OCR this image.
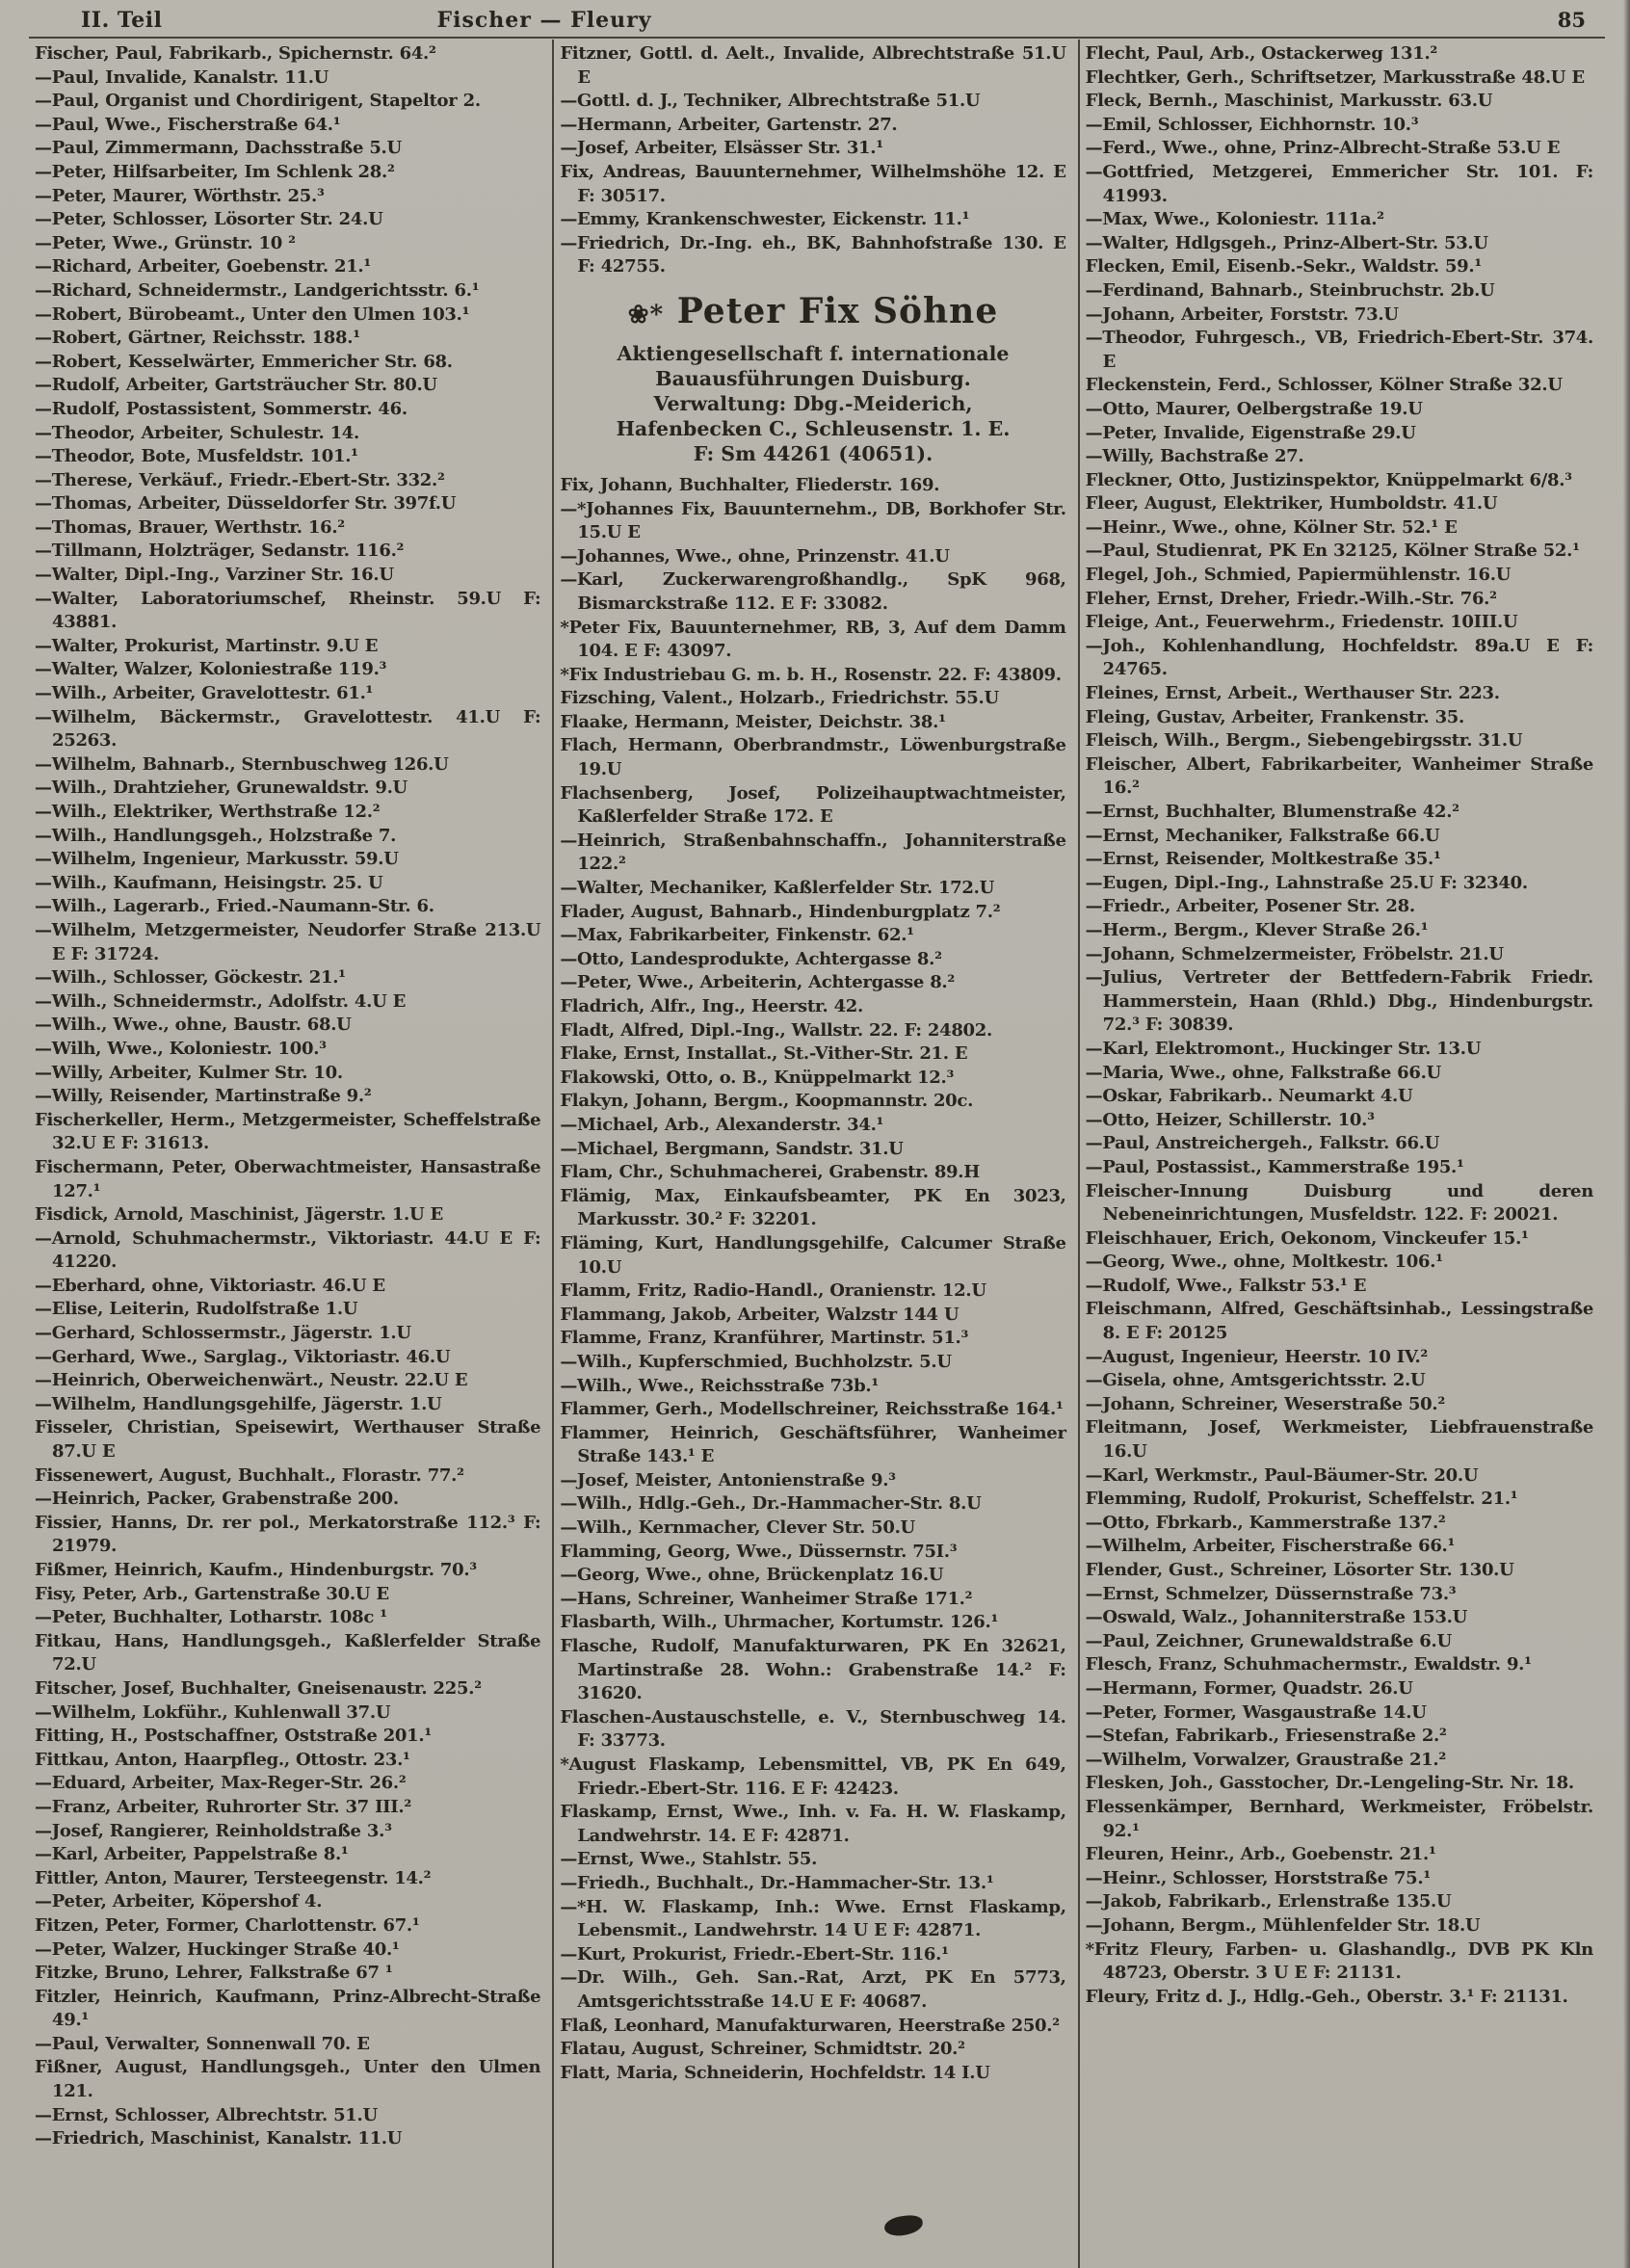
II. Teil	Fischer — Fleury	85
Fischer, Paul, Fabrikarb., Spichernstr. 64.²
—Paul, Invalide, Kanalstr. 11.U
—Paul, Organist und Chordirigent, Stapeltor 2.
—Paul, Wwe., Fischerstraße 64.¹
—Paul, Zimmermann, Dachsstraße 5.U
—Peter, Hilfsarbeiter, Im Schlenk 28.²
—Peter, Maurer, Wörthstr. 25.³
—Peter, Schlosser, Lösorter Str. 24.U
—Peter, Wwe., Grünstr. 10 ²
—Richard, Arbeiter, Goebenstr. 21.¹
—Richard, Schneidermstr., Landgerichtsstr. 6.¹
—Robert, Bürobeamt., Unter den Ulmen 103.¹
—Robert, Gärtner, Reichsstr. 188.¹
—Robert, Kesselwärter, Emmericher Str. 68.
—Rudolf, Arbeiter, Gartsträucher Str. 80.U
—Rudolf, Postassistent, Sommerstr. 46.
—Theodor, Arbeiter, Schulestr. 14.
—Theodor, Bote, Musfeldstr. 101.¹
—Therese, Verkäuf., Friedr.-Ebert-Str. 332.²
—Thomas, Arbeiter, Düsseldorfer Str. 397f.U
—Thomas, Brauer, Werthstr. 16.²
—Tillmann, Holzträger, Sedanstr. 116.²
—Walter, Dipl.-Ing., Varziner Str. 16.U
—Walter, Laboratoriumschef, Rheinstr. 59.U F: 43881.
—Walter, Prokurist, Martinstr. 9.U E
—Walter, Walzer, Koloniestraße 119.³
—Wilh., Arbeiter, Gravelottestr. 61.¹
—Wilhelm, Bäckermstr., Gravelottestr. 41.U F: 25263.
—Wilhelm, Bahnarb., Sternbuschweg 126.U
—Wilh., Drahtzieher, Grunewaldstr. 9.U
—Wilh., Elektriker, Werthstraße 12.²
—Wilh., Handlungsgeh., Holzstraße 7.
—Wilhelm, Ingenieur, Markusstr. 59.U
—Wilh., Kaufmann, Heisingstr. 25. U
—Wilh., Lagerarb., Fried.-Naumann-Str. 6.
—Wilhelm, Metzgermeister, Neudorfer Straße 213.U E F: 31724.
—Wilh., Schlosser, Göckestr. 21.¹
—Wilh., Schneidermstr., Adolfstr. 4.U E
—Wilh., Wwe., ohne, Baustr. 68.U
—Wilh, Wwe., Koloniestr. 100.³
—Willy, Arbeiter, Kulmer Str. 10.
—Willy, Reisender, Martinstraße 9.²
Fischerkeller, Herm., Metzgermeister, Scheffelstraße 32.U E F: 31613.
Fischermann, Peter, Oberwachtmeister, Hansastraße 127.¹
Fisdick, Arnold, Maschinist, Jägerstr. 1.U E
—Arnold, Schuhmachermstr., Viktoriastr. 44.U E F: 41220.
—Eberhard, ohne, Viktoriastr. 46.U E
—Elise, Leiterin, Rudolfstraße 1.U
—Gerhard, Schlossermstr., Jägerstr. 1.U
—Gerhard, Wwe., Sarglag., Viktoriastr. 46.U
—Heinrich, Oberweichenwärt., Neustr. 22.U E
—Wilhelm, Handlungsgehilfe, Jägerstr. 1.U
Fisseler, Christian, Speisewirt, Werthauser Straße 87.U E
Fissenewert, August, Buchhalt., Florastr. 77.²
—Heinrich, Packer, Grabenstraße 200.
Fissier, Hanns, Dr. rer pol., Merkatorstraße 112.³ F: 21979.
Fißmer, Heinrich, Kaufm., Hindenburgstr. 70.³
Fisy, Peter, Arb., Gartenstraße 30.U E
—Peter, Buchhalter, Lotharstr. 108c ¹
Fitkau, Hans, Handlungsgeh., Kaßlerfelder Straße 72.U
Fitscher, Josef, Buchhalter, Gneisenaustr. 225.²
—Wilhelm, Lokführ., Kuhlenwall 37.U
Fitting, H., Postschaffner, Oststraße 201.¹
Fittkau, Anton, Haarpfleg., Ottostr. 23.¹
—Eduard, Arbeiter, Max-Reger-Str. 26.²
—Franz, Arbeiter, Ruhrorter Str. 37 III.²
—Josef, Rangierer, Reinholdstraße 3.³
—Karl, Arbeiter, Pappelstraße 8.¹
Fittler, Anton, Maurer, Tersteegenstr. 14.²
—Peter, Arbeiter, Köpershof 4.
Fitzen, Peter, Former, Charlottenstr. 67.¹
—Peter, Walzer, Huckinger Straße 40.¹
Fitzke, Bruno, Lehrer, Falkstraße 67 ¹
Fitzler, Heinrich, Kaufmann, Prinz-Albrecht-Straße 49.¹
—Paul, Verwalter, Sonnenwall 70. E
Fißner, August, Handlungsgeh., Unter den Ulmen 121.
—Ernst, Schlosser, Albrechtstr. 51.U
—Friedrich, Maschinist, Kanalstr. 11.U
Fitzner, Gottl. d. Aelt., Invalide, Albrechtstraße 51.U E
—Gottl. d. J., Techniker, Albrechtstraße 51.U
—Hermann, Arbeiter, Gartenstr. 27.
—Josef, Arbeiter, Elsässer Str. 31.¹
Fix, Andreas, Bauunternehmer, Wilhelmshöhe 12. E F: 30517.
—Emmy, Krankenschwester, Eickenstr. 11.¹
—Friedrich, Dr.-Ing. eh., BK, Bahnhofstraße 130. E F: 42755.
❀* Peter Fix Söhne
Aktiengesellschaft f. internationale
Bauausführungen Duisburg.
Verwaltung: Dbg.-Meiderich,
Hafenbecken C., Schleusenstr. 1. E.
F: Sm 44261 (40651).
Fix, Johann, Buchhalter, Fliederstr. 169.
—*Johannes Fix, Bauunternehm., DB, Borkhofer Str. 15.U E
—Johannes, Wwe., ohne, Prinzenstr. 41.U
—Karl, Zuckerwarengroßhandlg., SpK 968, Bismarckstraße 112. E F: 33082.
*Peter Fix, Bauunternehmer, RB, 3, Auf dem Damm 104. E F: 43097.
*Fix Industriebau G. m. b. H., Rosenstr. 22. F: 43809.
Fizsching, Valent., Holzarb., Friedrichstr. 55.U
Flaake, Hermann, Meister, Deichstr. 38.¹
Flach, Hermann, Oberbrandmstr., Löwenburgstraße 19.U
Flachsenberg, Josef, Polizeihauptwachtmeister, Kaßlerfelder Straße 172. E
—Heinrich, Straßenbahnschaffn., Johanniterstraße 122.²
—Walter, Mechaniker, Kaßlerfelder Str. 172.U
Flader, August, Bahnarb., Hindenburgplatz 7.²
—Max, Fabrikarbeiter, Finkenstr. 62.¹
—Otto, Landesprodukte, Achtergasse 8.²
—Peter, Wwe., Arbeiterin, Achtergasse 8.²
Fladrich, Alfr., Ing., Heerstr. 42.
Fladt, Alfred, Dipl.-Ing., Wallstr. 22. F: 24802.
Flake, Ernst, Installat., St.-Vither-Str. 21. E
Flakowski, Otto, o. B., Knüppelmarkt 12.³
Flakyn, Johann, Bergm., Koopmannstr. 20c.
—Michael, Arb., Alexanderstr. 34.¹
—Michael, Bergmann, Sandstr. 31.U
Flam, Chr., Schuhmacherei, Grabenstr. 89.H
Flämig, Max, Einkaufsbeamter, PK En 3023, Markusstr. 30.² F: 32201.
Fläming, Kurt, Handlungsgehilfe, Calcumer Straße 10.U
Flamm, Fritz, Radio-Handl., Oranienstr. 12.U
Flammang, Jakob, Arbeiter, Walzstr 144 U
Flamme, Franz, Kranführer, Martinstr. 51.³
—Wilh., Kupferschmied, Buchholzstr. 5.U
—Wilh., Wwe., Reichsstraße 73b.¹
Flammer, Gerh., Modellschreiner, Reichsstraße 164.¹
Flammer, Heinrich, Geschäftsführer, Wanheimer Straße 143.¹ E
—Josef, Meister, Antonienstraße 9.³
—Wilh., Hdlg.-Geh., Dr.-Hammacher-Str. 8.U
—Wilh., Kernmacher, Clever Str. 50.U
Flamming, Georg, Wwe., Düssernstr. 75I.³
—Georg, Wwe., ohne, Brückenplatz 16.U
—Hans, Schreiner, Wanheimer Straße 171.²
Flasbarth, Wilh., Uhrmacher, Kortumstr. 126.¹
Flasche, Rudolf, Manufakturwaren, PK En 32621, Martinstraße 28. Wohn.: Grabenstraße 14.² F: 31620.
Flaschen-Austauschstelle, e. V., Sternbuschweg 14. F: 33773.
*August Flaskamp, Lebensmittel, VB, PK En 649, Friedr.-Ebert-Str. 116. E F: 42423.
Flaskamp, Ernst, Wwe., Inh. v. Fa. H. W. Flaskamp, Landwehrstr. 14. E F: 42871.
—Ernst, Wwe., Stahlstr. 55.
—Friedh., Buchhalt., Dr.-Hammacher-Str. 13.¹
—*H. W. Flaskamp, Inh.: Wwe. Ernst Flaskamp, Lebensmit., Landwehrstr. 14 U E F: 42871.
—Kurt, Prokurist, Friedr.-Ebert-Str. 116.¹
—Dr. Wilh., Geh. San.-Rat, Arzt, PK En 5773, Amtsgerichtsstraße 14.U E F: 40687.
Flaß, Leonhard, Manufakturwaren, Heerstraße 250.²
Flatau, August, Schreiner, Schmidtstr. 20.²
Flatt, Maria, Schneiderin, Hochfeldstr. 14 I.U
Flecht, Paul, Arb., Ostackerweg 131.²
Flechtker, Gerh., Schriftsetzer, Markusstraße 48.U E
Fleck, Bernh., Maschinist, Markusstr. 63.U
—Emil, Schlosser, Eichhornstr. 10.³
—Ferd., Wwe., ohne, Prinz-Albrecht-Straße 53.U E
—Gottfried, Metzgerei, Emmericher Str. 101. F: 41993.
—Max, Wwe., Koloniestr. 111a.²
—Walter, Hdlgsgeh., Prinz-Albert-Str. 53.U
Flecken, Emil, Eisenb.-Sekr., Waldstr. 59.¹
—Ferdinand, Bahnarb., Steinbruchstr. 2b.U
—Johann, Arbeiter, Forststr. 73.U
—Theodor, Fuhrgesch., VB, Friedrich-Ebert-Str. 374. E
Fleckenstein, Ferd., Schlosser, Kölner Straße 32.U
—Otto, Maurer, Oelbergstraße 19.U
—Peter, Invalide, Eigenstraße 29.U
—Willy, Bachstraße 27.
Fleckner, Otto, Justizinspektor, Knüppelmarkt 6/8.³
Fleer, August, Elektriker, Humboldstr. 41.U
—Heinr., Wwe., ohne, Kölner Str. 52.¹ E
—Paul, Studienrat, PK En 32125, Kölner Straße 52.¹
Flegel, Joh., Schmied, Papiermühlenstr. 16.U
Fleher, Ernst, Dreher, Friedr.-Wilh.-Str. 76.²
Fleige, Ant., Feuerwehrm., Friedenstr. 10III.U
—Joh., Kohlenhandlung, Hochfeldstr. 89a.U E F: 24765.
Fleines, Ernst, Arbeit., Werthauser Str. 223.
Fleing, Gustav, Arbeiter, Frankenstr. 35.
Fleisch, Wilh., Bergm., Siebengebirgsstr. 31.U
Fleischer, Albert, Fabrikarbeiter, Wanheimer Straße 16.²
—Ernst, Buchhalter, Blumenstraße 42.²
—Ernst, Mechaniker, Falkstraße 66.U
—Ernst, Reisender, Moltkestraße 35.¹
—Eugen, Dipl.-Ing., Lahnstraße 25.U F: 32340.
—Friedr., Arbeiter, Posener Str. 28.
—Herm., Bergm., Klever Straße 26.¹
—Johann, Schmelzermeister, Fröbelstr. 21.U
—Julius, Vertreter der Bettfedern-Fabrik Friedr. Hammerstein, Haan (Rhld.) Dbg., Hindenburgstr. 72.³ F: 30839.
—Karl, Elektromont., Huckinger Str. 13.U
—Maria, Wwe., ohne, Falkstraße 66.U
—Oskar, Fabrikarb.. Neumarkt 4.U
—Otto, Heizer, Schillerstr. 10.³
—Paul, Anstreichergeh., Falkstr. 66.U
—Paul, Postassist., Kammerstraße 195.¹
Fleischer-Innung Duisburg und deren Nebeneinrichtungen, Musfeldstr. 122. F: 20021.
Fleischhauer, Erich, Oekonom, Vinckeufer 15.¹
—Georg, Wwe., ohne, Moltkestr. 106.¹
—Rudolf, Wwe., Falkstr 53.¹ E
Fleischmann, Alfred, Geschäftsinhab., Lessingstraße 8. E F: 20125
—August, Ingenieur, Heerstr. 10 IV.²
—Gisela, ohne, Amtsgerichtsstr. 2.U
—Johann, Schreiner, Weserstraße 50.²
Fleitmann, Josef, Werkmeister, Liebfrauenstraße 16.U
—Karl, Werkmstr., Paul-Bäumer-Str. 20.U
Flemming, Rudolf, Prokurist, Scheffelstr. 21.¹
—Otto, Fbrkarb., Kammerstraße 137.²
—Wilhelm, Arbeiter, Fischerstraße 66.¹
Flender, Gust., Schreiner, Lösorter Str. 130.U
—Ernst, Schmelzer, Düssernstraße 73.³
—Oswald, Walz., Johanniterstraße 153.U
—Paul, Zeichner, Grunewaldstraße 6.U
Flesch, Franz, Schuhmachermstr., Ewaldstr. 9.¹
—Hermann, Former, Quadstr. 26.U
—Peter, Former, Wasgaustraße 14.U
—Stefan, Fabrikarb., Friesenstraße 2.²
—Wilhelm, Vorwalzer, Graustraße 21.²
Flesken, Joh., Gasstocher, Dr.-Lengeling-Str. Nr. 18.
Flessenkämper, Bernhard, Werkmeister, Fröbelstr. 92.¹
Fleuren, Heinr., Arb., Goebenstr. 21.¹
—Heinr., Schlosser, Horststraße 75.¹
—Jakob, Fabrikarb., Erlenstraße 135.U
—Johann, Bergm., Mühlenfelder Str. 18.U
*Fritz Fleury, Farben- u. Glashandlg., DVB PK Kln 48723, Oberstr. 3 U E F: 21131.
Fleury, Fritz d. J., Hdlg.-Geh., Oberstr. 3.¹ F: 21131.
